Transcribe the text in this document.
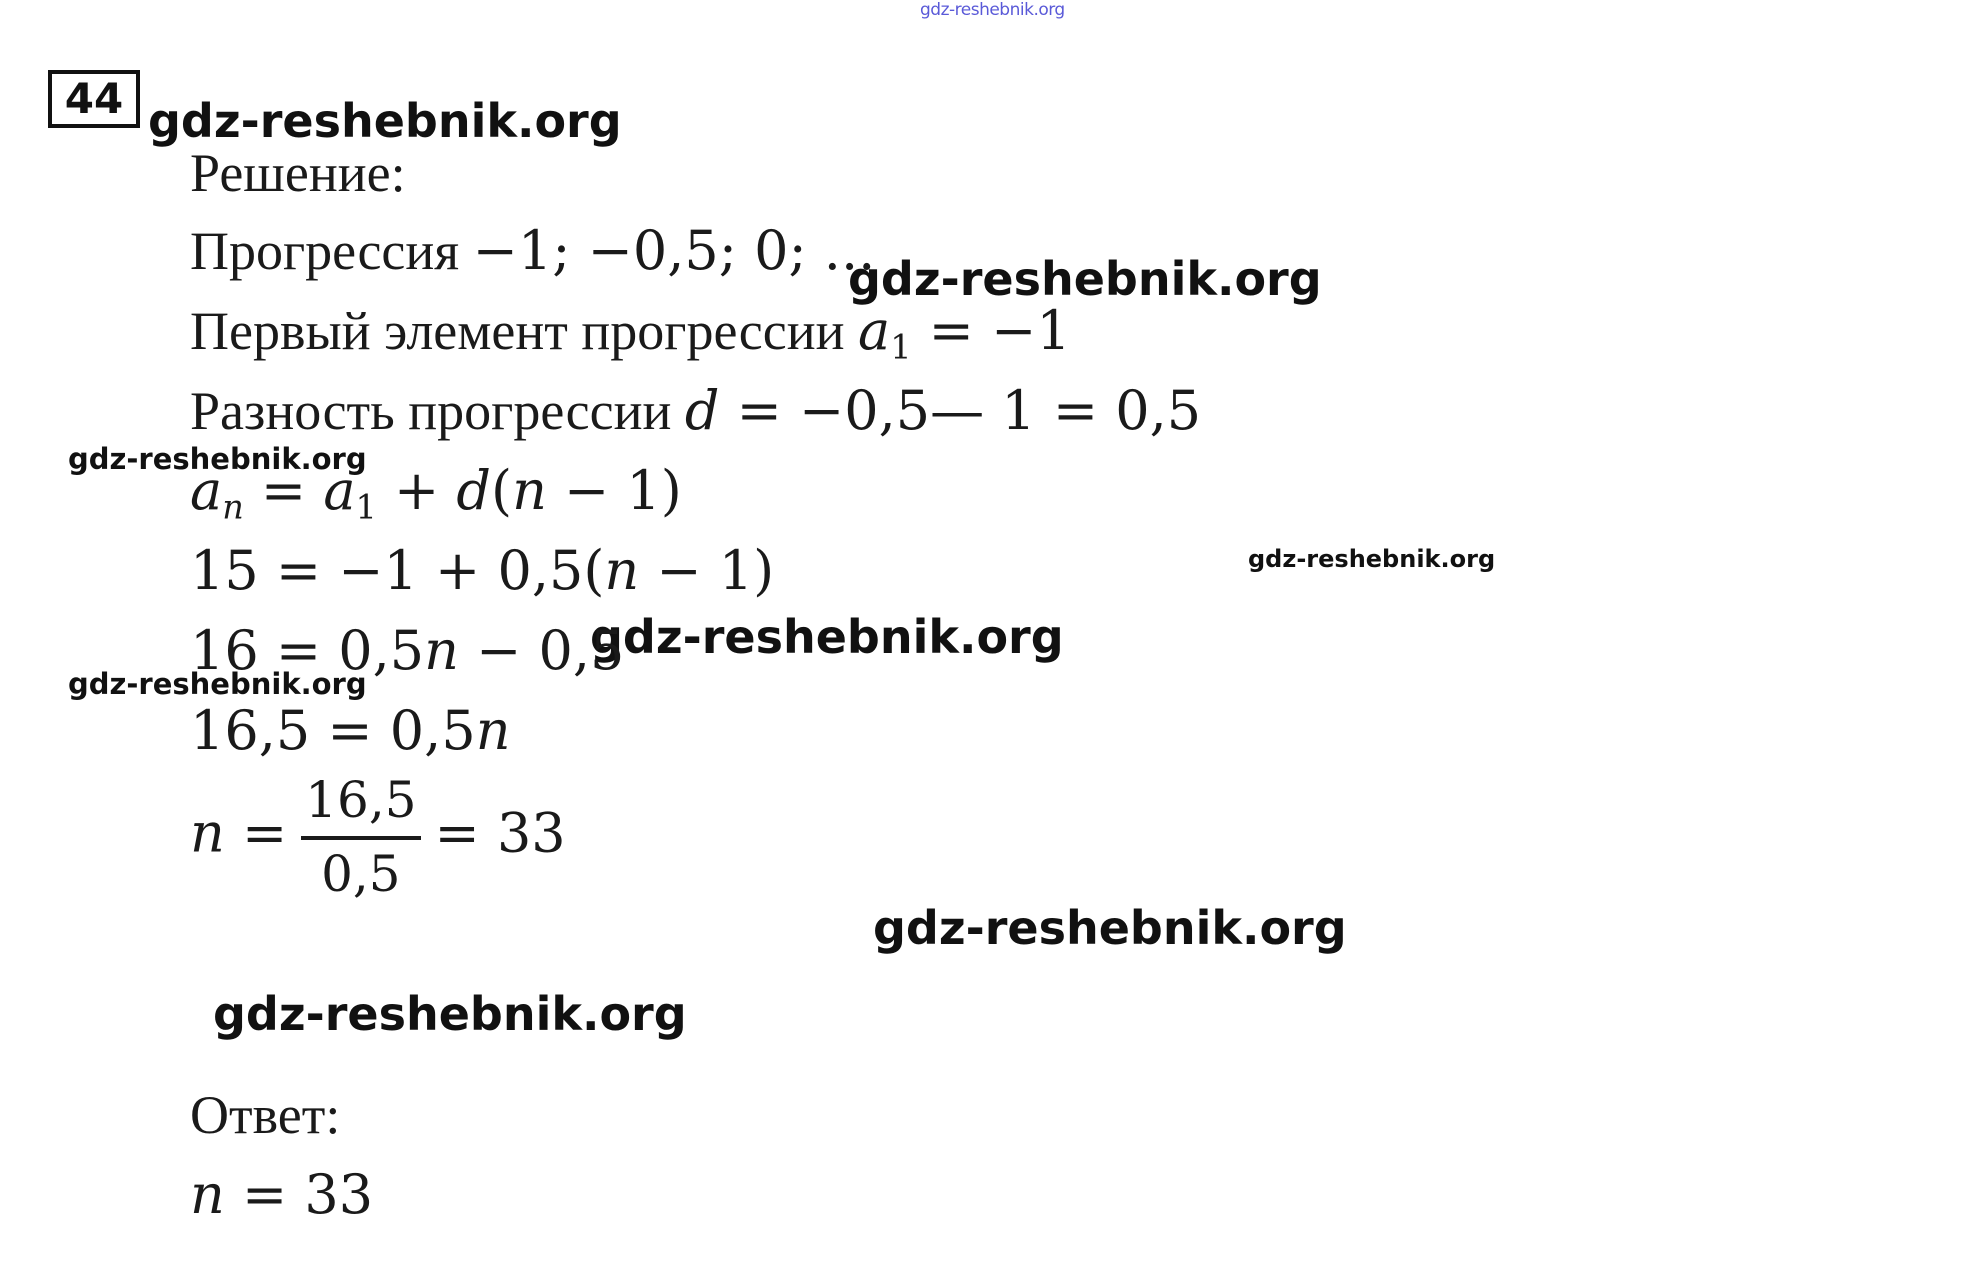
gdz-reshebnik.org
gdz-reshebnik.org
gdz-reshebnik.org
gdz-reshebnik.org
gdz-reshebnik.org
gdz-reshebnik.org
gdz-reshebnik.org
gdz-reshebnik.org
gdz-reshebnik.org
44
Решение:
Прогрессия −1; −0,5; 0; ...
Первый элемент прогрессии $a_1 = -1$
Разность прогрессии d = −0,5— 1 = 0,5
$a_n = a_1 + d(n - 1)$
15 = −1 + 0,5(n − 1)
16 = 0,5n − 0,5
16,5 = 0,5n
$n = \frac{16,5}{0,5} = 33$
Ответ:
n = 33
